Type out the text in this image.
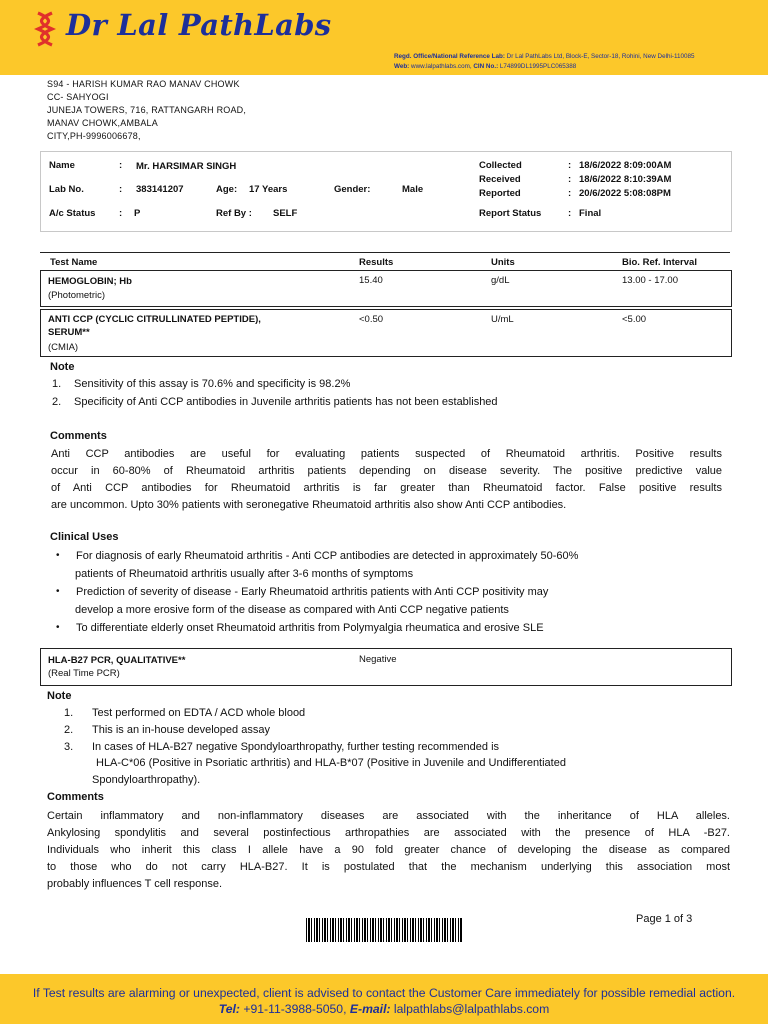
Dr Lal PathLabs
Regd. Office/National Reference Lab: Dr Lal PathLabs Ltd, Block-E, Sector-18, Rohini, New Delhi-110085
Web: www.lalpathlabs.com, CIN No.: L74899DL1995PLC065388
S94 - HARISH KUMAR RAO MANAV CHOWK
CC- SAHYOGI
JUNEJA TOWERS, 716, RATTANGARH ROAD,
MANAV CHOWK,AMBALA
CITY,PH-9996006678,
Name	: Mr. HARSIMAR SINGH
Lab No.	: 383141207	Age: 17 Years	Gender:	Male
A/c Status : P	Ref By : SELF
Collected	: 18/6/2022 8:09:00AM
Received	: 18/6/2022 8:10:39AM
Reported	: 20/6/2022 5:08:08PM
Report Status	: Final
Test Name	Results	Units	Bio. Ref. Interval
HEMOGLOBIN; Hb
(Photometric)
15.40	g/dL	13.00 - 17.00
ANTI CCP (CYCLIC CITRULLINATED PEPTIDE),
SERUM**
(CMIA)
<0.50	U/mL	<5.00
Note
1. Sensitivity of this assay is 70.6% and specificity is 98.2%
2. Specificity of Anti CCP antibodies in Juvenile arthritis patients has not been established
Comments
Anti CCP antibodies are useful for evaluating patients suspected of Rheumatoid arthritis. Positive results
occur in 60-80% of Rheumatoid arthritis patients depending on disease severity. The positive predictive value
of Anti CCP antibodies for Rheumatoid arthritis is far greater than Rheumatoid factor. False positive results
are uncommon. Upto 30% patients with seronegative Rheumatoid arthritis also show Anti CCP antibodies.
Clinical Uses
• For diagnosis of early Rheumatoid arthritis - Anti CCP antibodies are detected in approximately 50-60%
patients of Rheumatoid arthritis usually after 3-6 months of symptoms
• Prediction of severity of disease - Early Rheumatoid arthritis patients with Anti CCP positivity may
develop a more erosive form of the disease as compared with Anti CCP negative patients
• To differentiate elderly onset Rheumatoid arthritis from Polymyalgia rheumatica and erosive SLE
HLA-B27 PCR, QUALITATIVE**
(Real Time PCR)
Negative
Note
1. Test performed on EDTA / ACD whole blood
2. This is an in-house developed assay
3. In cases of HLA-B27 negative Spondyloarthropathy, further testing recommended is
HLA-C*06 (Positive in Psoriatic arthritis) and HLA-B*07 (Positive in Juvenile and Undifferentiated
Spondyloarthropathy).
Comments
Certain inflammatory and non-inflammatory diseases are associated with the inheritance of HLA alleles.
Ankylosing spondylitis and several postinfectious arthropathies are associated with the presence of HLA -B27.
Individuals who inherit this class I allele have a 90 fold greater chance of developing the disease as compared
to those who do not carry HLA-B27. It is postulated that the mechanism underlying this association most
probably influences T cell response.
Page 1 of 3
If Test results are alarming or unexpected, client is advised to contact the Customer Care immediately for possible remedial action.
Tel: +91-11-3988-5050, E-mail: lalpathlabs@lalpathlabs.com
